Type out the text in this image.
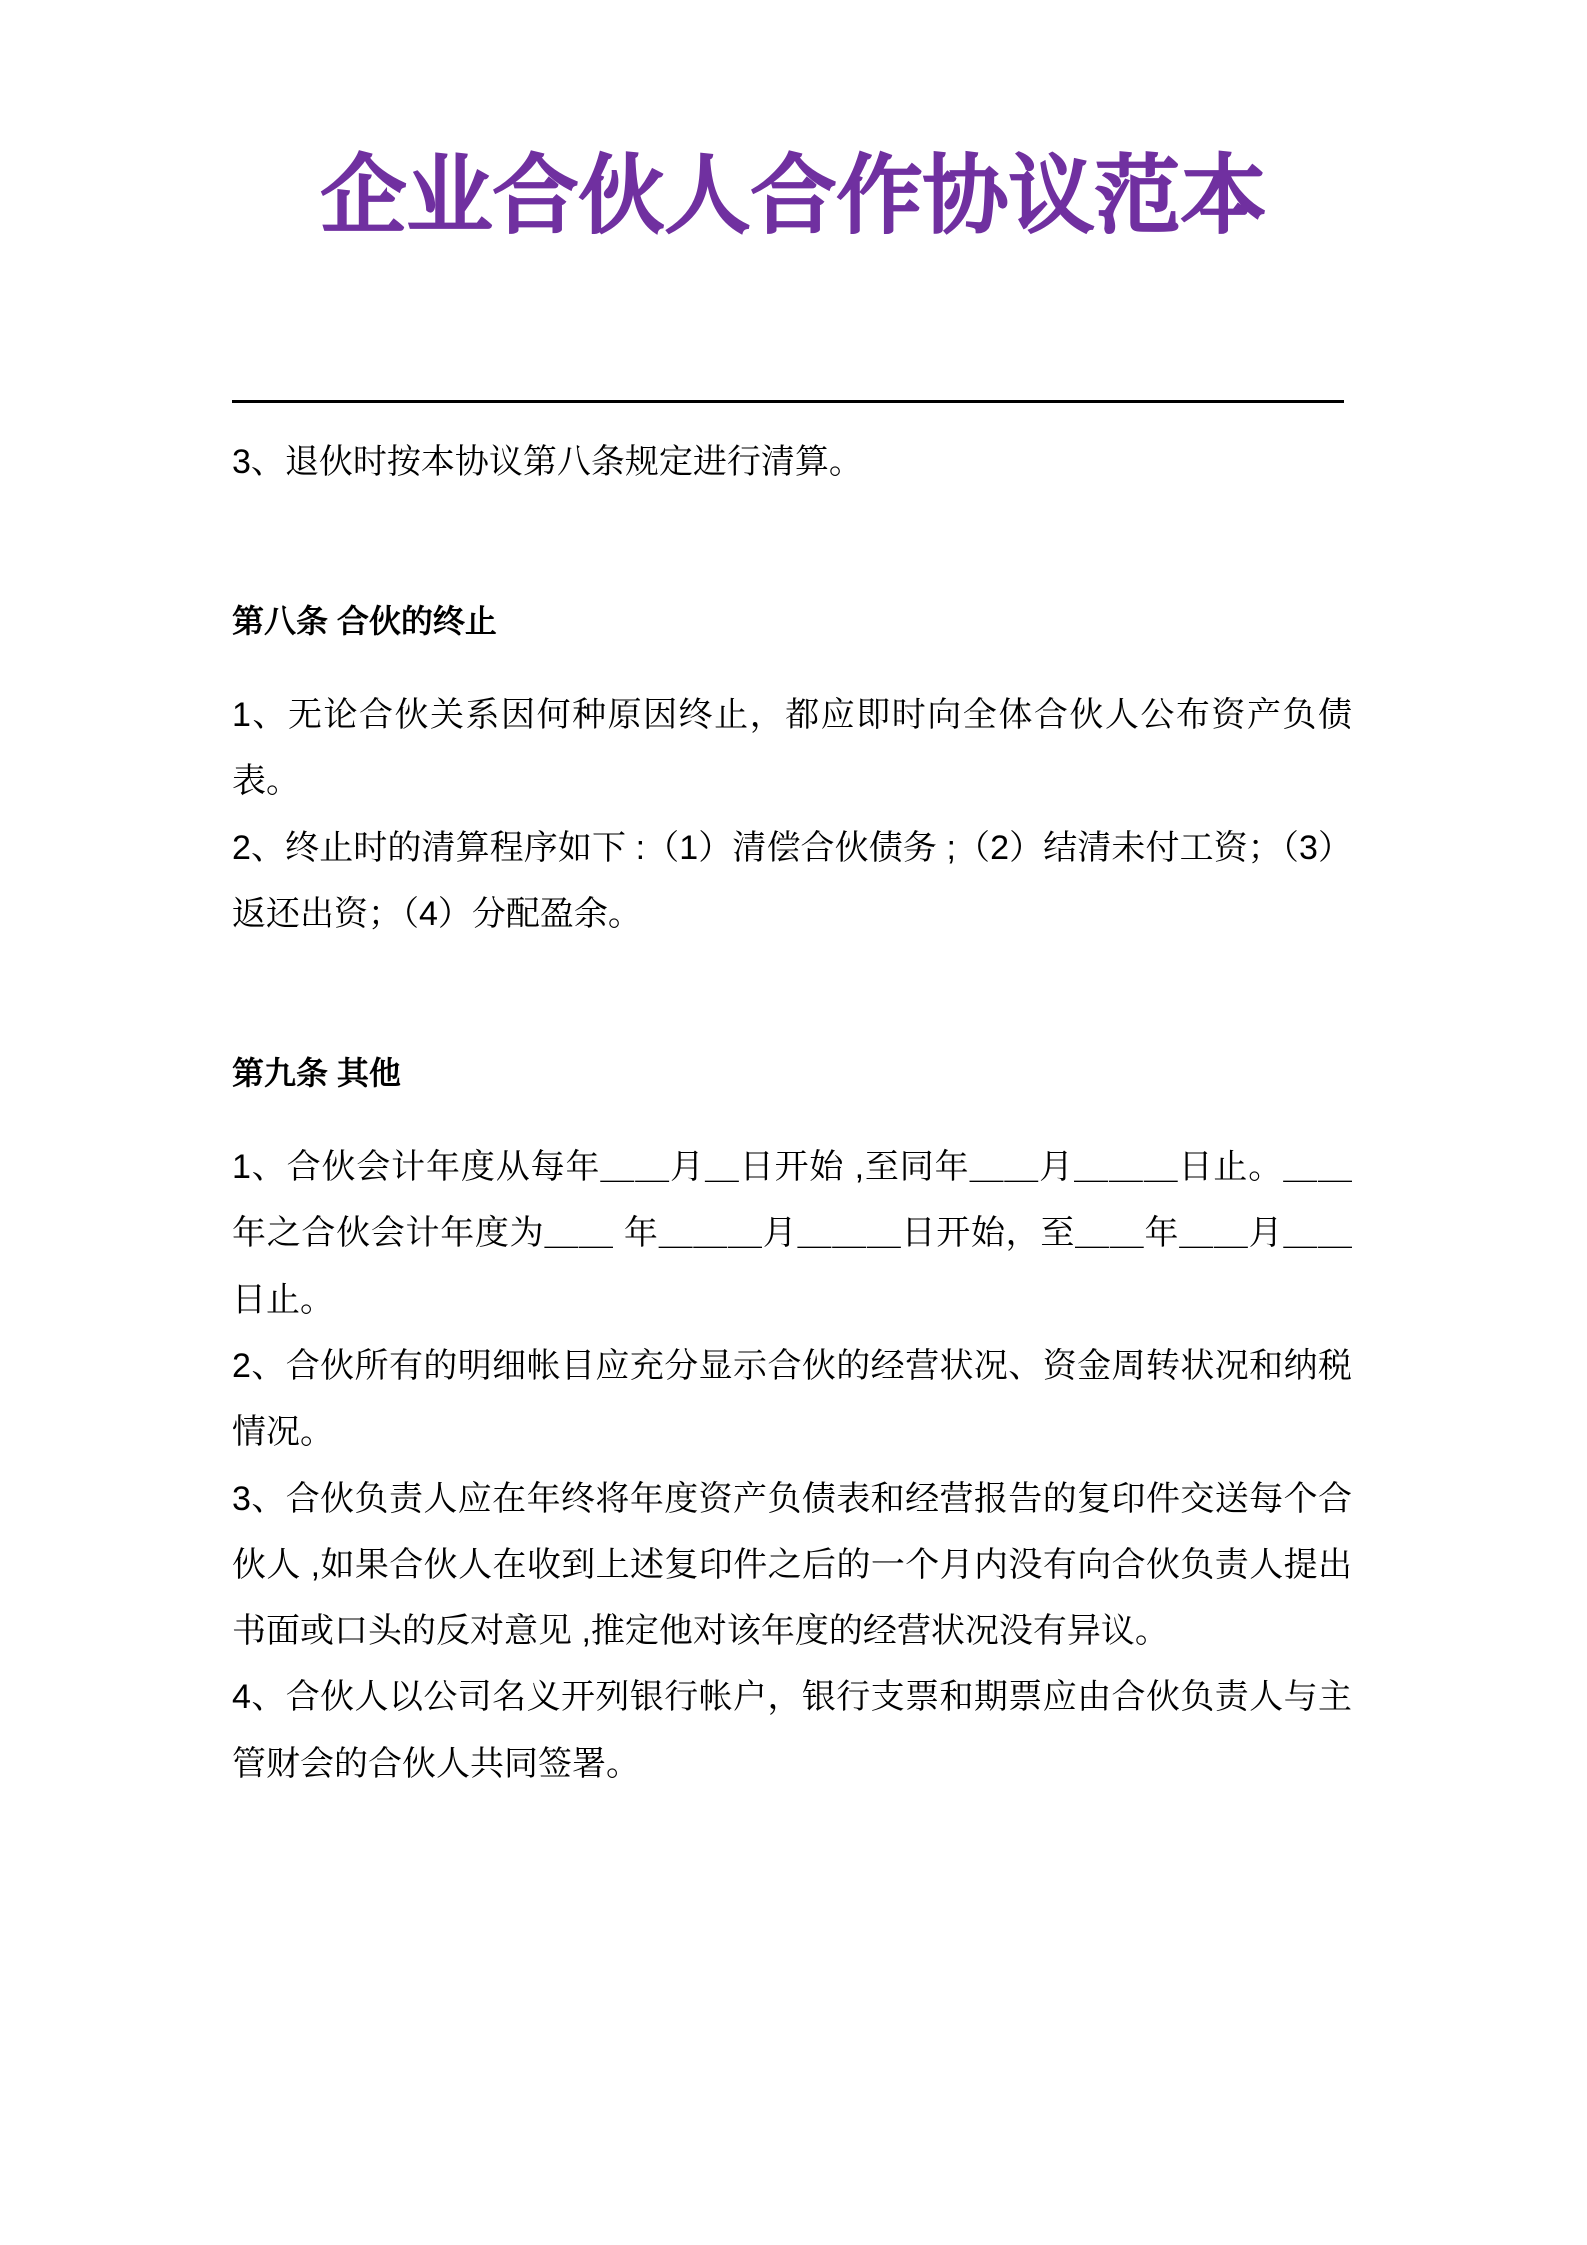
企业合伙人合作协议范本

3、退伙时按本协议第八条规定进行清算。

第八条 合伙的终止

1、无论合伙关系因何种原因终止，都应即时向全体合伙人公布资产负债表。

2、终止时的清算程序如下 :（1）清偿合伙债务 ;（2）结清未付工资；（3）返还出资；（4）分配盈余。

第九条 其他

1、合伙会计年度从每年＿＿月＿日开始 ,至同年＿＿月＿＿＿日止。＿＿年之合伙会计年度为＿＿ 年＿＿＿月＿＿＿日开始，至＿＿年＿＿月＿＿日止。

2、合伙所有的明细帐目应充分显示合伙的经营状况、资金周转状况和纳税情况。

3、合伙负责人应在年终将年度资产负债表和经营报告的复印件交送每个合伙人 ,如果合伙人在收到上述复印件之后的一个月内没有向合伙负责人提出书面或口头的反对意见 ,推定他对该年度的经营状况没有异议。

4、合伙人以公司名义开列银行帐户，银行支票和期票应由合伙负责人与主管财会的合伙人共同签署。
